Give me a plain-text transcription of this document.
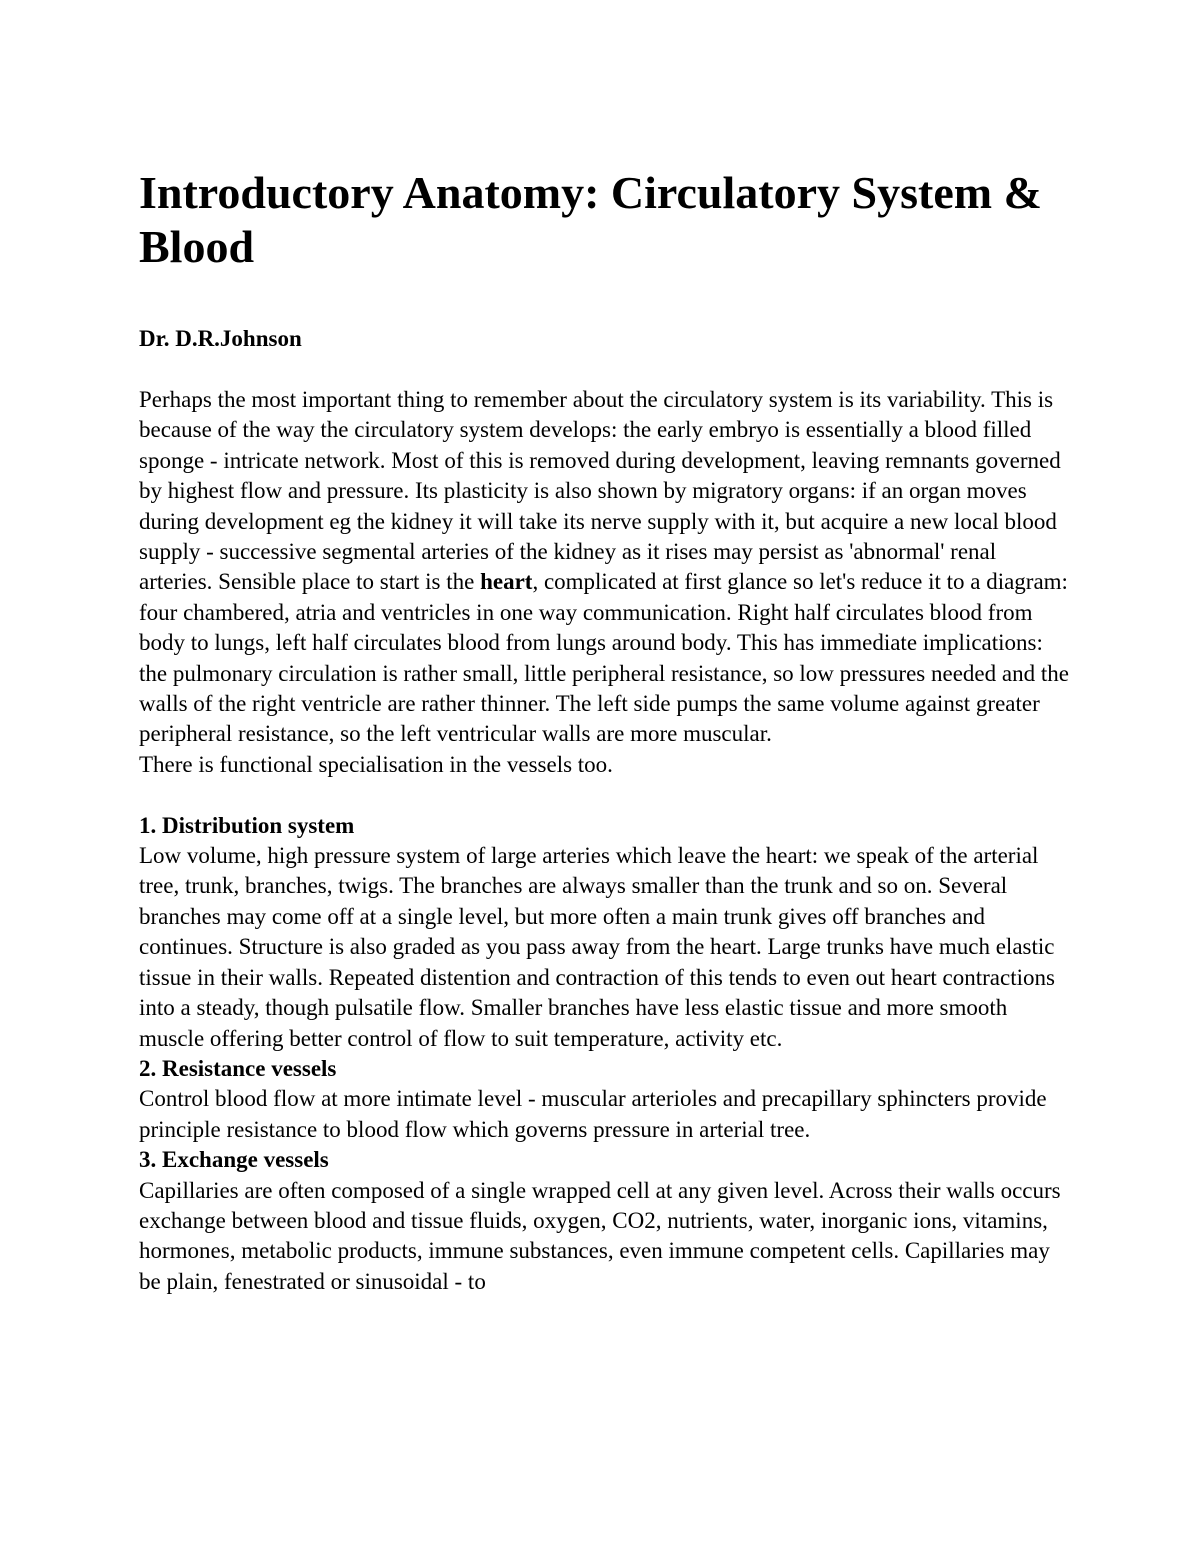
Introductory Anatomy: Circulatory System & Blood

Dr. D.R.Johnson

Perhaps the most important thing to remember about the circulatory system is its variability. This is because of the way the circulatory system develops: the early embryo is essentially a blood filled sponge - intricate network. Most of this is removed during development, leaving remnants governed by highest flow and pressure. Its plasticity is also shown by migratory organs: if an organ moves during development eg the kidney it will take its nerve supply with it, but acquire a new local blood supply - successive segmental arteries of the kidney as it rises may persist as 'abnormal' renal arteries. Sensible place to start is the heart, complicated at first glance so let's reduce it to a diagram: four chambered, atria and ventricles in one way communication. Right half circulates blood from body to lungs, left half circulates blood from lungs around body. This has immediate implications: the pulmonary circulation is rather small, little peripheral resistance, so low pressures needed and the walls of the right ventricle are rather thinner. The left side pumps the same volume against greater peripheral resistance, so the left ventricular walls are more muscular.

There is functional specialisation in the vessels too.

1. Distribution system

Low volume, high pressure system of large arteries which leave the heart: we speak of the arterial tree, trunk, branches, twigs. The branches are always smaller than the trunk and so on. Several branches may come off at a single level, but more often a main trunk gives off branches and continues. Structure is also graded as you pass away from the heart. Large trunks have much elastic tissue in their walls. Repeated distention and contraction of this tends to even out heart contractions into a steady, though pulsatile flow. Smaller branches have less elastic tissue and more smooth muscle offering better control of flow to suit temperature, activity etc.

2. Resistance vessels

Control blood flow at more intimate level - muscular arterioles and precapillary sphincters provide principle resistance to blood flow which governs pressure in arterial tree.

3. Exchange vessels

Capillaries are often composed of a single wrapped cell at any given level. Across their walls occurs exchange between blood and tissue fluids, oxygen, CO2, nutrients, water, inorganic ions, vitamins, hormones, metabolic products, immune substances, even immune competent cells. Capillaries may be plain, fenestrated or sinusoidal - to
